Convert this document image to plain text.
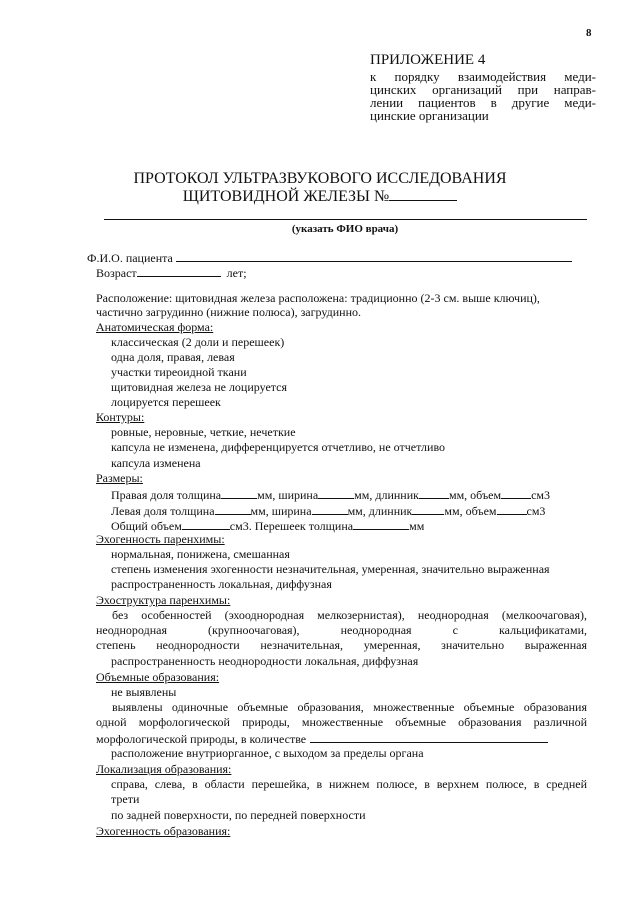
8
ПРИЛОЖЕНИЕ 4
к порядку взаимодействия меди-
цинских организаций при направ-
лении пациентов в другие меди-
цинские организации
ПРОТОКОЛ УЛЬТРАЗВУКОВОГО ИССЛЕДОВАНИЯ
ЩИТОВИДНОЙ ЖЕЛЕЗЫ №
(указать ФИО врача)
Ф.И.О. пациента
Возраст	лет;
Расположение: щитовидная железа расположена: традиционно (2-3 см. выше ключиц),
частично загрудинно (нижние полюса), загрудинно.
Анатомическая форма:
классическая (2 доли и перешеек)
одна доля, правая, левая
участки тиреоидной ткани
щитовидная железа не лоцируется
лоцируется перешеек
Контуры:
ровные, неровные, четкие, нечеткие
капсула не изменена, дифференцируется отчетливо, не отчетливо
капсула изменена
Размеры:
Правая доля толщина	мм, ширина	мм, длинник	мм, объем	см3
Левая доля толщина	мм, ширина	мм, длинник	мм, объем	см3
Общий объем	см3. Перешеек толщина	мм
Эхогенность паренхимы:
нормальная, понижена, смешанная
степень изменения эхогенности незначительная, умеренная, значительно выраженная
распространенность локальная, диффузная
Эхоструктура паренхимы:
без особенностей (эхооднородная мелкозернистая), неоднородная (мелкоочаговая),
неоднородная (крупноочаговая), неоднородная с кальцификатами,
степень неоднородности незначительная, умеренная, значительно выраженная
распространенность неоднородности локальная, диффузная
Объемные образования:
не выявлены
выявлены одиночные объемные образования, множественные объемные образования
одной морфологической природы, множественные объемные образования различной
морфологической природы, в количестве
расположение внутриорганное, с выходом за пределы органа
Локализация образования:
справа, слева, в области перешейка, в нижнем полюсе, в верхнем полюсе, в средней
трети
по задней поверхности, по передней поверхности
Эхогенность образования:
